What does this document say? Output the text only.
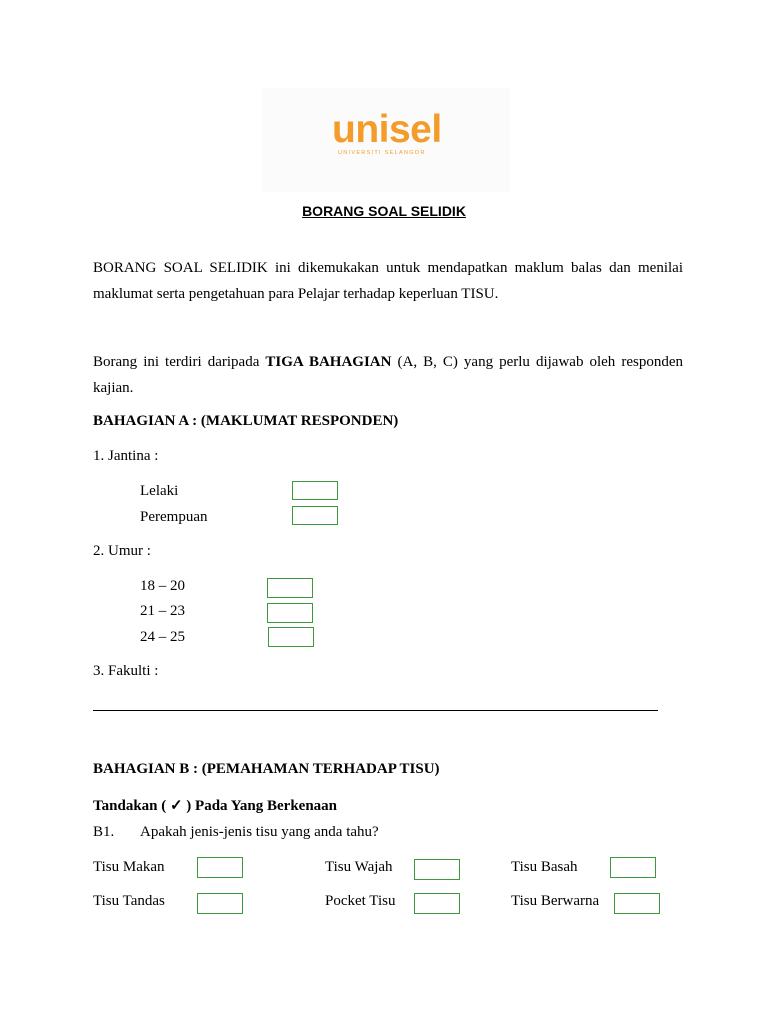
unisel
UNIVERSITI SELANGOR
BORANG SOAL SELIDIK
BORANG SOAL SELIDIK ini dikemukakan untuk mendapatkan maklum balas dan menilai maklumat serta pengetahuan para Pelajar terhadap keperluan TISU.
Borang ini terdiri daripada TIGA BAHAGIAN (A, B, C) yang perlu dijawab oleh responden kajian.
BAHAGIAN A : (MAKLUMAT RESPONDEN)
1. Jantina :
Lelaki
Perempuan
2. Umur :
18 – 20
21 – 23
24 – 25
3. Fakulti :
BAHAGIAN B : (PEMAHAMAN TERHADAP TISU)
Tandakan ( ✓ ) Pada Yang Berkenaan
B1. Apakah jenis-jenis tisu yang anda tahu?
Tisu Makan	Tisu Wajah	Tisu Basah
Tisu Tandas	Pocket Tisu	Tisu Berwarna
